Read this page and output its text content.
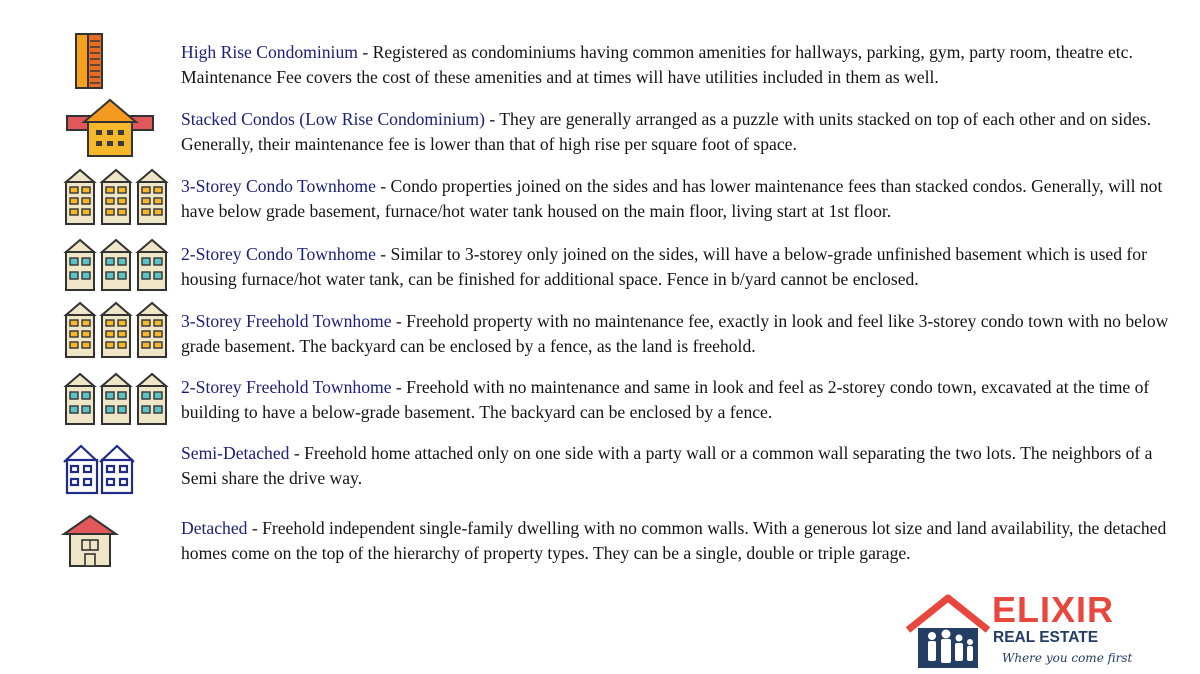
High Rise Condominium - Registered as condominiums having common amenities for hallways, parking, gym, party room, theatre etc. Maintenance Fee covers the cost of these amenities and at times will have utilities included in them as well.
Stacked Condos (Low Rise Condominium) - They are generally arranged as a puzzle with units stacked on top of each other and on sides. Generally, their maintenance fee is lower than that of high rise per square foot of space.
3-Storey Condo Townhome - Condo properties joined on the sides and has lower maintenance fees than stacked condos. Generally, will not have below grade basement, furnace/hot water tank housed on the main floor, living start at 1st floor.
2-Storey Condo Townhome - Similar to 3-storey only joined on the sides, will have a below-grade unfinished basement which is used for housing furnace/hot water tank, can be finished for additional space. Fence in b/yard cannot be enclosed.
3-Storey Freehold Townhome - Freehold property with no maintenance fee, exactly in look and feel like 3-storey condo town with no below grade basement. The backyard can be enclosed by a fence, as the land is freehold.
2-Storey Freehold Townhome - Freehold with no maintenance and same in look and feel as 2-storey condo town, excavated at the time of building to have a below-grade basement. The backyard can be enclosed by a fence.
Semi-Detached - Freehold home attached only on one side with a party wall or a common wall separating the two lots. The neighbors of a Semi share the drive way.
Detached - Freehold independent single-family dwelling with no common walls. With a generous lot size and land availability, the detached homes come on the top of the hierarchy of property types. They can be a single, double or triple garage.
ELIXIR
REAL ESTATE
Where you come first
